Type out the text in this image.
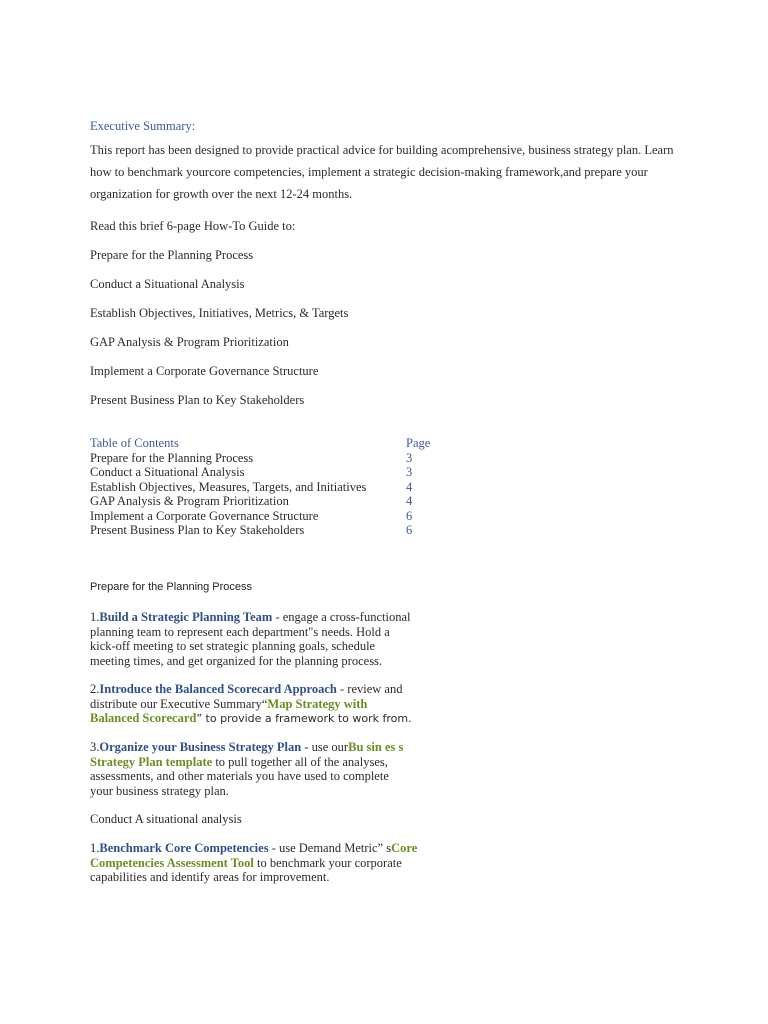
Executive Summary:
This report has been designed to provide practical advice for building acomprehensive, business strategy plan. Learn
how to benchmark yourcore competencies, implement a strategic decision-making framework,and prepare your
organization for growth over the next 12-24 months.
Read this brief 6-page How-To Guide to:
Prepare for the Planning Process
Conduct a Situational Analysis
Establish Objectives, Initiatives, Metrics, & Targets
GAP Analysis & Program Prioritization
Implement a Corporate Governance Structure
Present Business Plan to Key Stakeholders
Table of Contents	Page
Prepare for the Planning Process	3
Conduct a Situational Analysis	3
Establish Objectives, Measures, Targets, and Initiatives	4
GAP Analysis & Program Prioritization	4
Implement a Corporate Governance Structure	6
Present Business Plan to Key Stakeholders	6
Prepare for the Planning Process
1.Build a Strategic Planning Team - engage a cross-functional
planning team to represent each department"s needs. Hold a
kick-off meeting to set strategic planning goals, schedule
meeting times, and get organized for the planning process.
2.Introduce the Balanced Scorecard Approach - review and
distribute our Executive Summary“Map Strategy with
Balanced Scorecard” to provide a framework to work from.
3.Organize your Business Strategy Plan - use ourBu sin es s
Strategy Plan template to pull together all of the analyses,
assessments, and other materials you have used to complete
your business strategy plan.
Conduct A situational analysis
1.Benchmark Core Competencies - use Demand Metric” sCore
Competencies Assessment Tool to benchmark your corporate
capabilities and identify areas for improvement.
